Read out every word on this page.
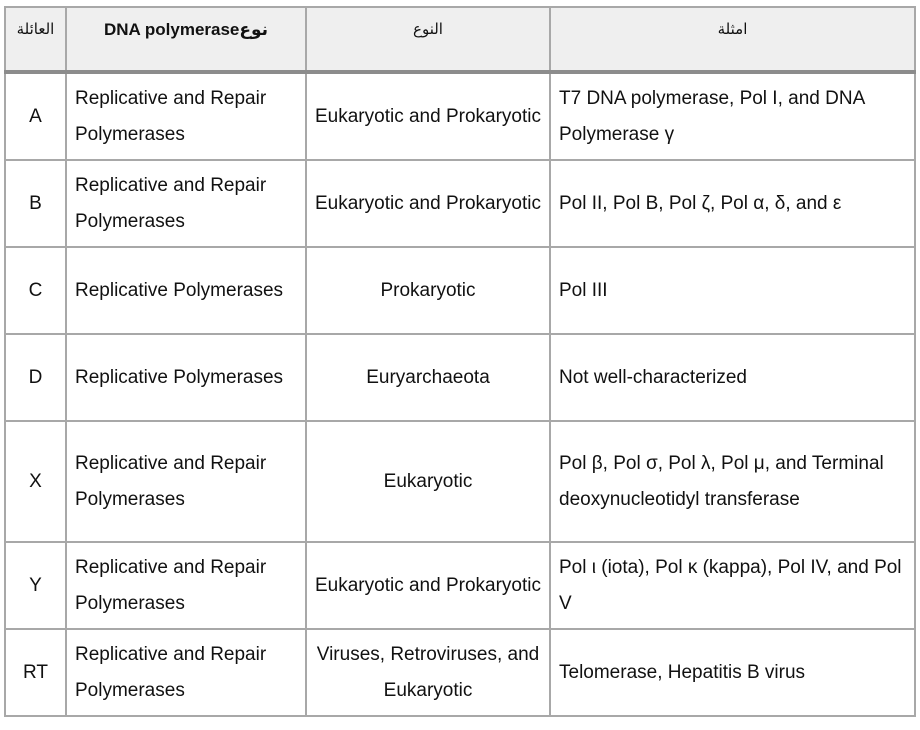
العائلة	DNA polymeraseنوع	النوع	امثلة
A	Replicative and Repair Polymerases	Eukaryotic and Prokaryotic	T7 DNA polymerase, Pol I, and DNA Polymerase γ
B	Replicative and Repair Polymerases	Eukaryotic and Prokaryotic	Pol II, Pol B, Pol ζ, Pol α, δ, and ε
C	Replicative Polymerases	Prokaryotic	Pol III
D	Replicative Polymerases	Euryarchaeota	Not well-characterized
X	Replicative and Repair Polymerases	Eukaryotic	Pol β, Pol σ, Pol λ, Pol μ, and Terminal deoxynucleotidyl transferase
Y	Replicative and Repair Polymerases	Eukaryotic and Prokaryotic	Pol ι (iota), Pol κ (kappa), Pol IV, and Pol V
RT	Replicative and Repair Polymerases	Viruses, Retroviruses, and Eukaryotic	Telomerase, Hepatitis B virus
